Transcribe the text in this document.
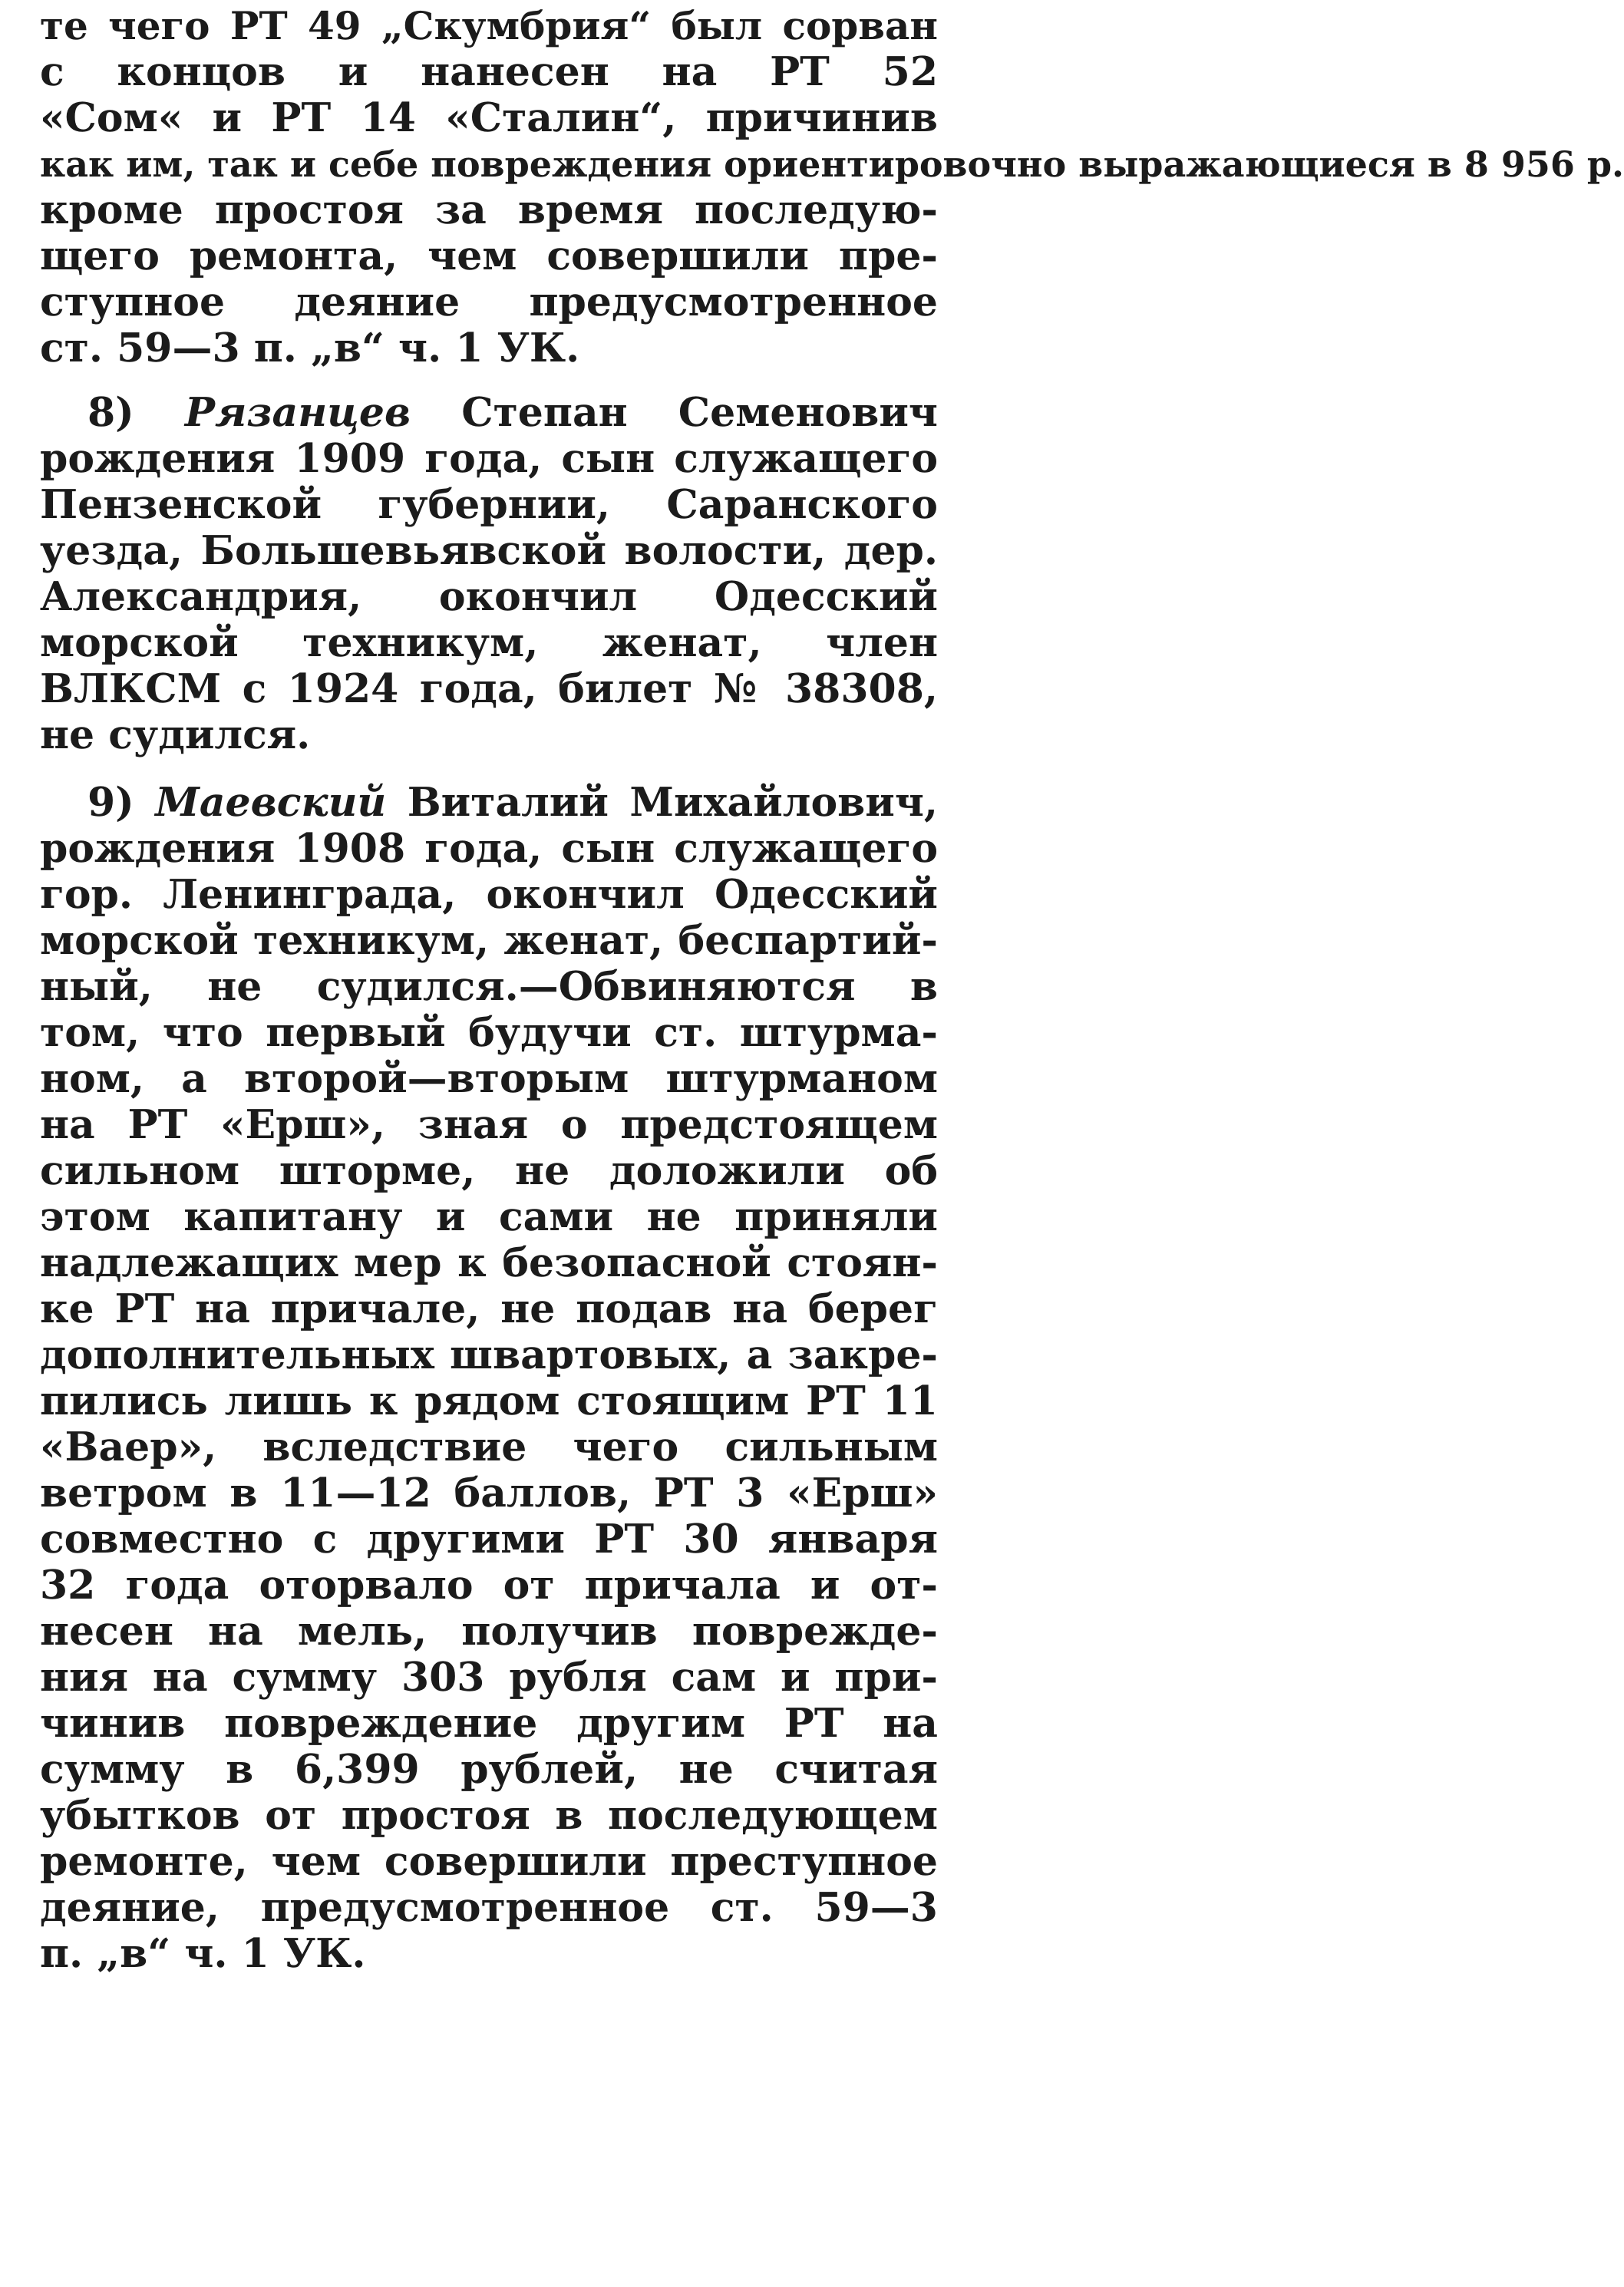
те чего РТ 49 „Скумбрия“ был сорван
с концов и нанесен на РТ 52
«Сом« и РТ 14 «Сталин“, причинив
как им, так и себе повреждения ориентировочно выражающиеся в 8 956 р.
кроме простоя за время последую-
щего ремонта, чем совершили пре-
ступное деяние предусмотренное
ст. 59—3 п. „в“ ч. 1 УК.
8) Рязанцев Степан Семенович
рождения 1909 года, сын служащего
Пензенской губернии, Саранского
уезда, Большевьявской волости, дер.
Александрия, окончил Одесский
морской техникум, женат, член
ВЛКСМ с 1924 года, билет № 38308,
не судился.
9) Маевский Виталий Михайлович,
рождения 1908 года, сын служащего
гор. Ленинграда, окончил Одесский
морской техникум, женат, беспартий-
ный, не судился.—Обвиняются в
том, что первый будучи ст. штурма-
ном, а второй—вторым штурманом
на РТ «Ерш», зная о предстоящем
сильном шторме, не доложили об
этом капитану и сами не приняли
надлежащих мер к безопасной стоян-
ке РТ на причале, не подав на берег
дополнительных швартовых, а закре-
пились лишь к рядом стоящим РТ 11
«Ваер», вследствие чего сильным
ветром в 11—12 баллов, РТ 3 «Ерш»
совместно с другими РТ 30 января
32 года оторвало от причала и от-
несен на мель, получив поврежде-
ния на сумму 303 рубля сам и при-
чинив повреждение другим РТ на
сумму в 6,399 рублей, не считая
убытков от простоя в последующем
ремонте, чем совершили преступное
деяние, предусмотренное ст. 59—3
п. „в“ ч. 1 УК.
